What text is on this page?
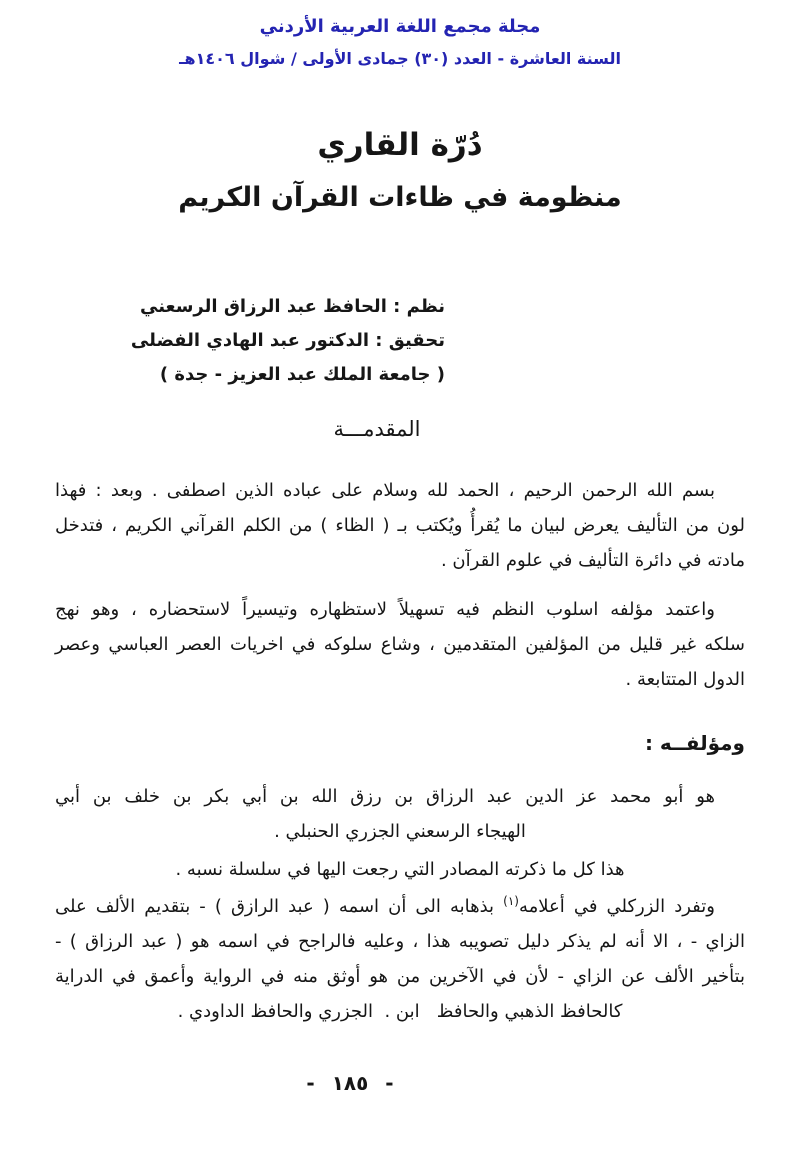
مجلة مجمع اللغة العربية الأردني
السنة العاشرة - العدد (٣٠) جمادى الأولى / شوال ١٤٠٦هـ
دُرّة القاري
منظومة في ظاءات القرآن الكريم
نظم : الحافظ عبد الرزاق الرسعني
تحقيق : الدكتور عبد الهادي الفضلى
( جامعة الملك عبد العزيز - جدة )
المقدمـــة
بسم الله الرحمن الرحيم ، الحمد لله وسلام على عباده الذين اصطفى . وبعد : فهذا
لون من التأليف يعرض لبيان ما يُقرأُ ويُكتب بـ ( الظاء ) من الكلم القرآني الكريم ، فتدخل
مادته في دائرة التأليف في علوم القرآن .
واعتمد مؤلفه اسلوب النظم فيه تسهيلاً لاستظهاره وتيسيراً لاستحضاره ، وهو نهج
سلكه غير قليل من المؤلفين المتقدمين ، وشاع سلوكه في اخريات العصر العباسي وعصر
الدول المتتابعة .
ومؤلفــه :
هو أبو محمد عز الدين عبد الرزاق بن رزق الله بن أبي بكر بن خلف بن أبي
الهيجاء الرسعني الجزري الحنبلي .
هذا كل ما ذكرته المصادر التي رجعت اليها في سلسلة نسبه .
وتفرد الزركلي في أعلامه$^{(١)}$ بذهابه الى أن اسمه ( عبد الرازق ) - بتقديم الألف على
الزاي - ، الا أنه لم يذكر دليل تصويبه هذا ، وعليه فالراجح في اسمه هو ( عبد الرزاق ) -
بتأخير الألف عن الزاي - لأن في الآخرين من هو أوثق منه في الرواية وأعمق في الدراية
كالحافظ الذهبي والحافظ   ابن .  الجزري والحافظ الداودي .
- ١٨٥ -
